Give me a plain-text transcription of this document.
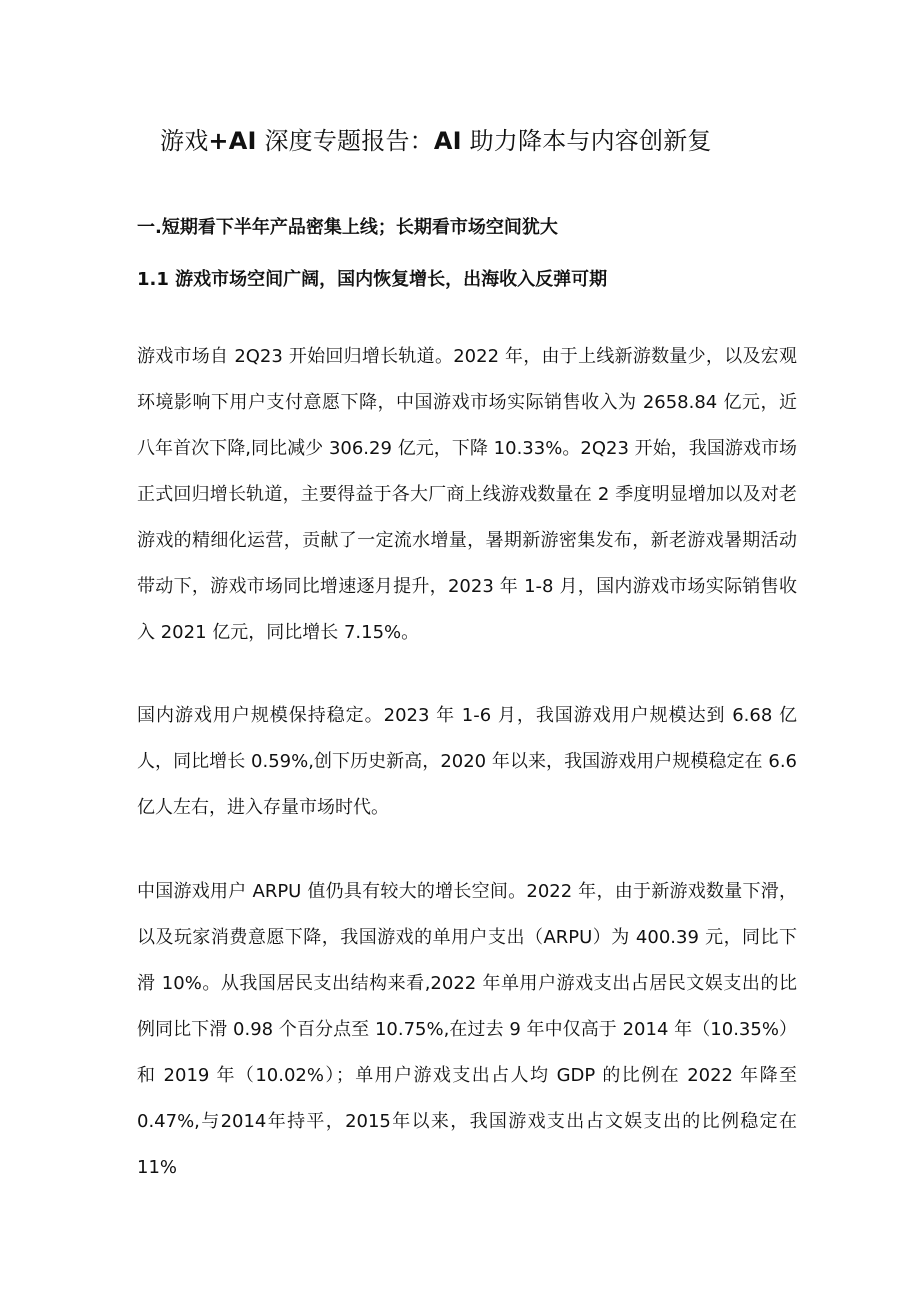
游戏+AI 深度专题报告：AI 助力降本与内容创新复
一.短期看下半年产品密集上线；长期看市场空间犹大
1.1 游戏市场空间广阔，国内恢复增长，出海收入反弹可期

游戏市场自 2Q23 开始回归增长轨道。2022 年，由于上线新游数量少，以及宏观环境影响下用户支付意愿下降，中国游戏市场实际销售收入为 2658.84 亿元，近八年首次下降,同比减少 306.29 亿元，下降 10.33%。2Q23 开始，我国游戏市场正式回归增长轨道，主要得益于各大厂商上线游戏数量在 2 季度明显增加以及对老游戏的精细化运营，贡献了一定流水增量，暑期新游密集发布，新老游戏暑期活动带动下，游戏市场同比增速逐月提升，2023 年 1-8 月，国内游戏市场实际销售收入 2021 亿元，同比增长 7.15%。

国内游戏用户规模保持稳定。2023 年 1-6 月，我国游戏用户规模达到 6.68 亿人，同比增长 0.59%,创下历史新高，2020 年以来，我国游戏用户规模稳定在 6.6 亿人左右，进入存量市场时代。

中国游戏用户 ARPU 值仍具有较大的增长空间。2022 年，由于新游戏数量下滑，以及玩家消费意愿下降，我国游戏的单用户支出（ARPU）为 400.39 元，同比下滑 10%。从我国居民支出结构来看,2022 年单用户游戏支出占居民文娱支出的比例同比下滑 0.98 个百分点至 10.75%,在过去 9 年中仅高于 2014 年（10.35%）和 2019 年（10.02%）；单用户游戏支出占人均 GDP 的比例在 2022 年降至 0.47%,与2014年持平，2015年以来，我国游戏支出占文娱支出的比例稳定在11%
